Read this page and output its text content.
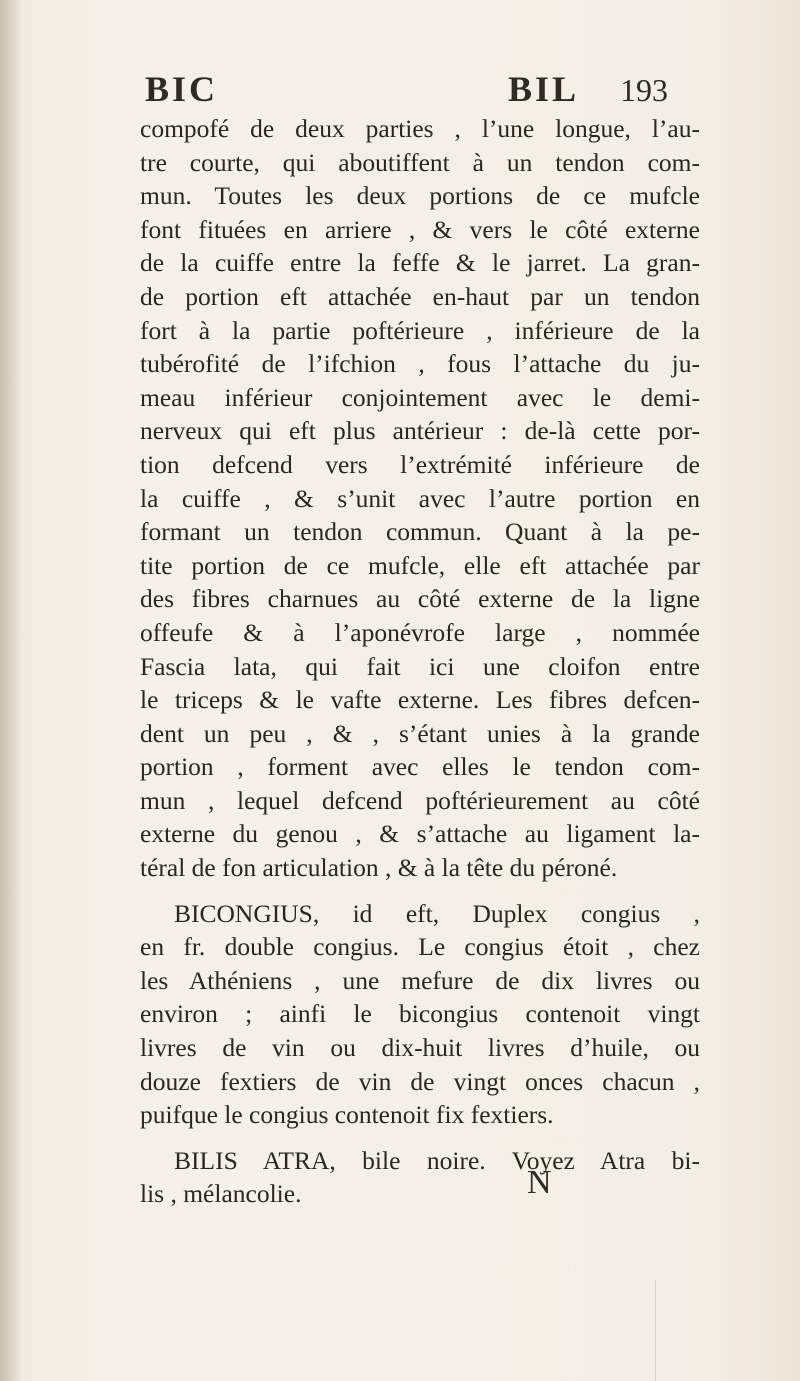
BIC	BIL 193
compofé de deux parties , l’une longue, l’au-
tre courte, qui aboutiffent à un tendon com-
mun. Toutes les deux portions de ce mufcle
font fituées en arriere , & vers le côté externe
de la cuiffe entre la feffe & le jarret. La gran-
de portion eft attachée en-haut par un tendon
fort à la partie poftérieure , inférieure de la
tubérofité de l’ifchion , fous l’attache du ju-
meau inférieur conjointement avec le demi-
nerveux qui eft plus antérieur : de-là cette por-
tion defcend vers l’extrémité inférieure de
la cuiffe , & s’unit avec l’autre portion en
formant un tendon commun. Quant à la pe-
tite portion de ce mufcle, elle eft attachée par
des fibres charnues au côté externe de la ligne
offeufe & à l’aponévrofe large , nommée
Fascia lata, qui fait ici une cloifon entre
le triceps & le vafte externe. Les fibres defcen-
dent un peu , & , s’étant unies à la grande
portion , forment avec elles le tendon com-
mun , lequel defcend poftérieurement au côté
externe du genou , & s’attache au ligament la-
téral de fon articulation , & à la tête du péroné.
BICONGIUS, id eft, Duplex congius ,
en fr. double congius. Le congius étoit , chez
les Athéniens , une mefure de dix livres ou
environ ; ainfi le bicongius contenoit vingt
livres de vin ou dix-huit livres d’huile, ou
douze fextiers de vin de vingt onces chacun ,
puifque le congius contenoit fix fextiers.
BILIS ATRA, bile noire. Voyez Atra bi-
lis , mélancolie.	N
